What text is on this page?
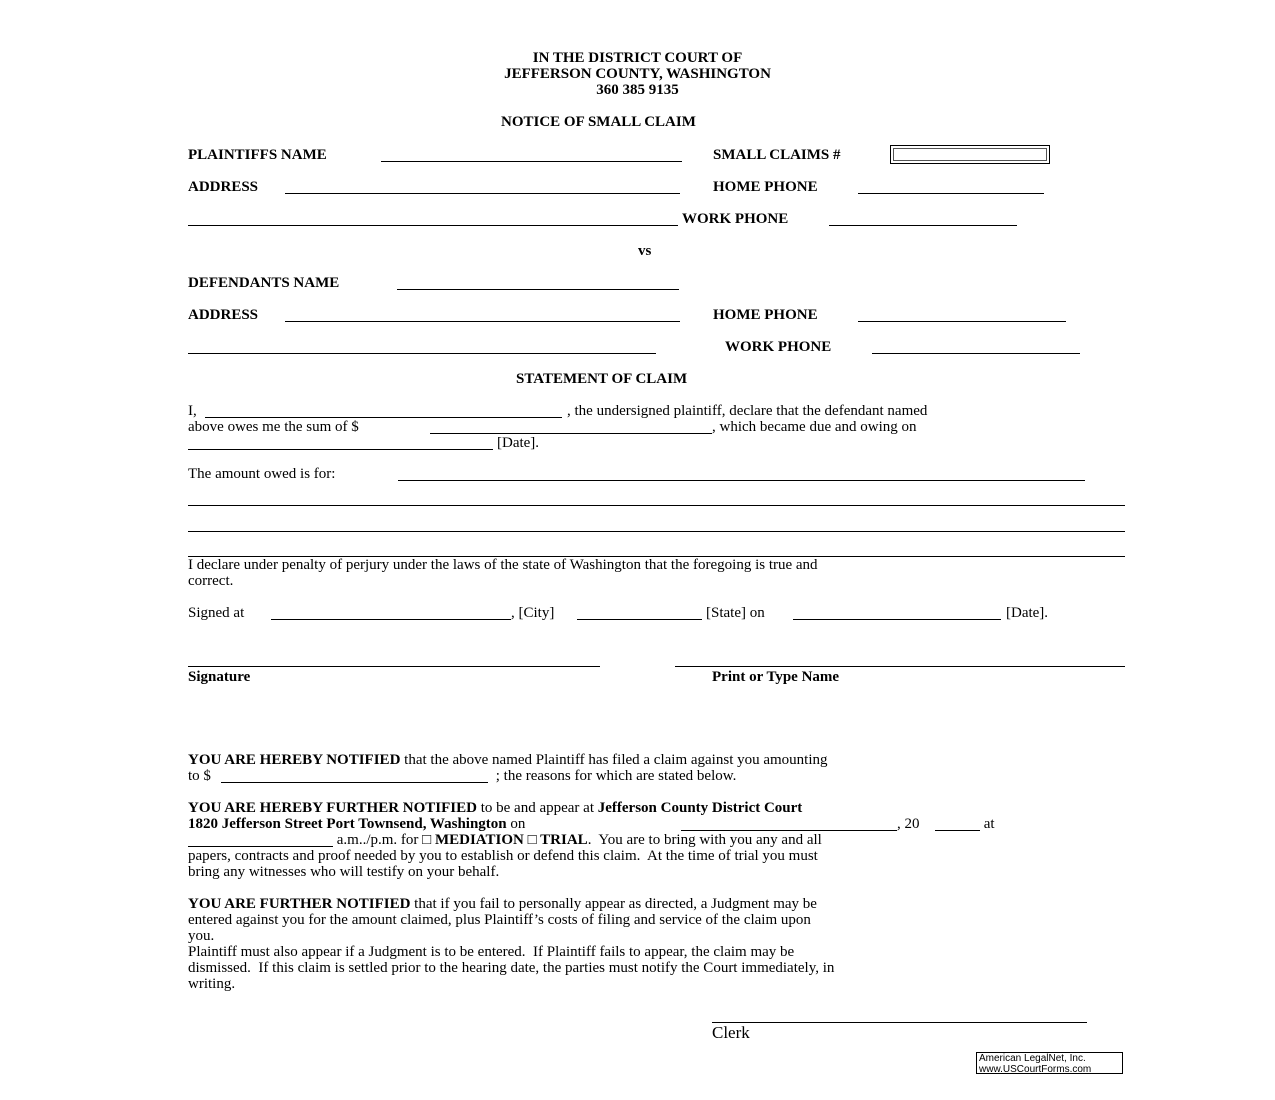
IN THE DISTRICT COURT OF
JEFFERSON COUNTY, WASHINGTON
360 385 9135
NOTICE OF SMALL CLAIM
PLAINTIFFS NAME	SMALL CLAIMS #
ADDRESS	HOME PHONE
WORK PHONE
vs
DEFENDANTS NAME
ADDRESS	HOME PHONE
WORK PHONE
STATEMENT OF CLAIM
I,	, the undersigned plaintiff, declare that the defendant named
above owes me the sum of $	, which became due and owing on
[Date].
The amount owed is for:
I declare under penalty of perjury under the laws of the state of Washington that the foregoing is true and
correct.
Signed at	, [City]	[State] on	[Date].
Signature	Print or Type Name
YOU ARE HEREBY NOTIFIED that the above named Plaintiff has filed a claim against you amounting
to $	; the reasons for which are stated below.
YOU ARE HEREBY FURTHER NOTIFIED to be and appear at Jefferson County District Court
1820 Jefferson Street Port Townsend, Washington on	, 20	at
a.m../p.m. for □ MEDIATION □ TRIAL.  You are to bring with you any and all
papers, contracts and proof needed by you to establish or defend this claim.  At the time of trial you must
bring any witnesses who will testify on your behalf.
YOU ARE FURTHER NOTIFIED that if you fail to personally appear as directed, a Judgment may be
entered against you for the amount claimed, plus Plaintiff’s costs of filing and service of the claim upon
you.
Plaintiff must also appear if a Judgment is to be entered.  If Plaintiff fails to appear, the claim may be
dismissed.  If this claim is settled prior to the hearing date, the parties must notify the Court immediately, in
writing.
Clerk
American LegalNet, Inc.
www.USCourtForms.com
